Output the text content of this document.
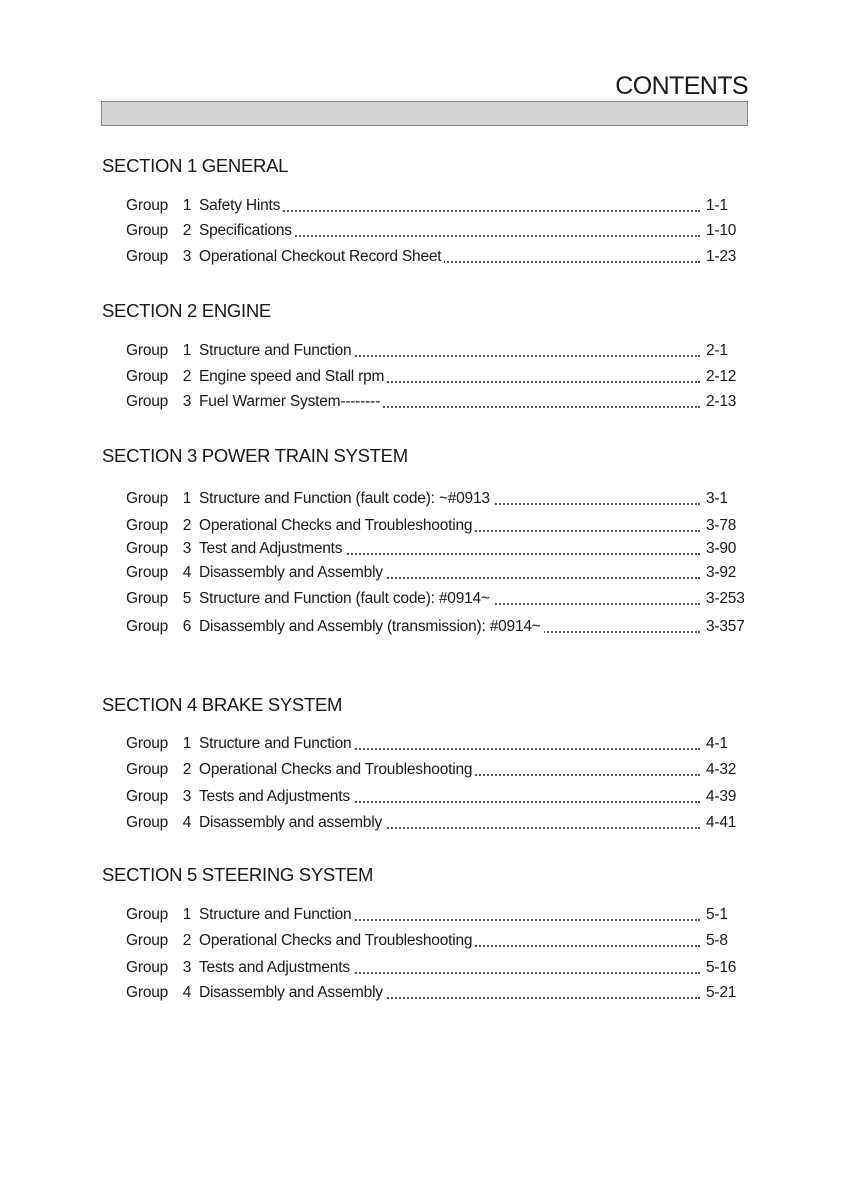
CONTENTS
SECTION 1 GENERAL
Group 1 Safety Hints	1-1
Group 2 Specifications	1-10
Group 3 Operational Checkout Record Sheet	1-23
SECTION 2 ENGINE
Group 1 Structure and Function	2-1
Group 2 Engine speed and Stall rpm	2-12
Group 3 Fuel Warmer System--------	2-13
SECTION 3 POWER TRAIN SYSTEM
Group 1 Structure and Function (fault code): ~#0913	3-1
Group 2 Operational Checks and Troubleshooting	3-78
Group 3 Test and Adjustments	3-90
Group 4 Disassembly and Assembly	3-92
Group 5 Structure and Function (fault code): #0914~	3-253
Group 6 Disassembly and Assembly (transmission): #0914~	3-357
SECTION 4 BRAKE SYSTEM
Group 1 Structure and Function	4-1
Group 2 Operational Checks and Troubleshooting	4-32
Group 3 Tests and Adjustments	4-39
Group 4 Disassembly and assembly	4-41
SECTION 5 STEERING SYSTEM
Group 1 Structure and Function	5-1
Group 2 Operational Checks and Troubleshooting	5-8
Group 3 Tests and Adjustments	5-16
Group 4 Disassembly and Assembly	5-21
